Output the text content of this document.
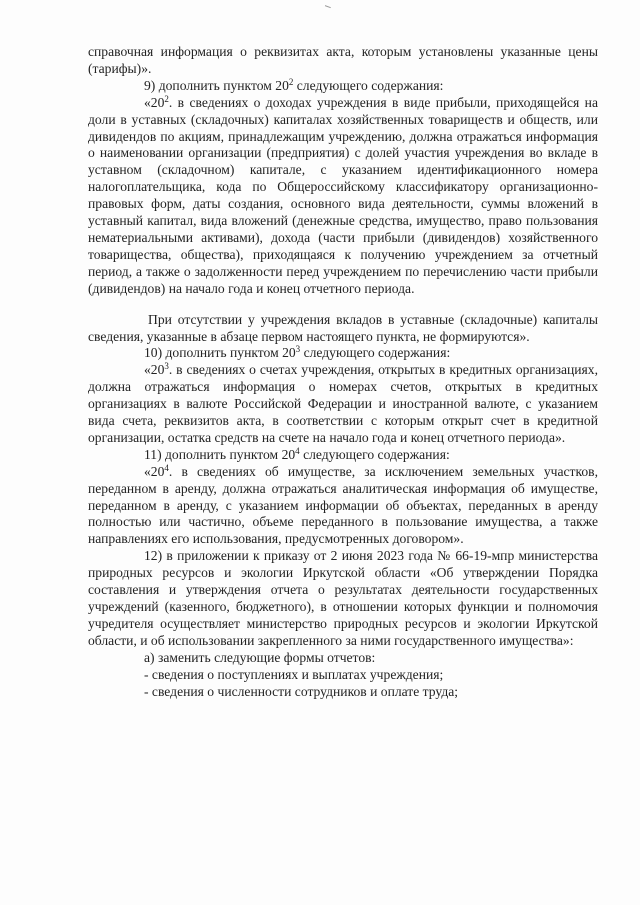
справочная информация о реквизитах акта, которым установлены указанные цены (тарифы)».

9) дополнить пунктом $20^2$ следующего содержания:

«$20^2$. в сведениях о доходах учреждения в виде прибыли, приходящейся на доли в уставных (складочных) капиталах хозяйственных товариществ и обществ, или дивидендов по акциям, принадлежащим учреждению, должна отражаться информация о наименовании организации (предприятия) с долей участия учреждения во вкладе в уставном (складочном) капитале, с указанием идентификационного номера налогоплательщика, кода по Общероссийскому классификатору организационно-правовых форм, даты создания, основного вида деятельности, суммы вложений в уставный капитал, вида вложений (денежные средства, имущество, право пользования нематериальными активами), дохода (части прибыли (дивидендов) хозяйственного товарищества, общества), приходящаяся к получению учреждением за отчетный период, а также о задолженности перед учреждением по перечислению части прибыли (дивидендов) на начало года и конец отчетного периода.

При отсутствии у учреждения вкладов в уставные (складочные) капиталы сведения, указанные в абзаце первом настоящего пункта, не формируются».

10) дополнить пунктом $20^3$ следующего содержания:

«$20^3$. в сведениях о счетах учреждения, открытых в кредитных организациях, должна отражаться информация о номерах счетов, открытых в кредитных организациях в валюте Российской Федерации и иностранной валюте, с указанием вида счета, реквизитов акта, в соответствии с которым открыт счет в кредитной организации, остатка средств на счете на начало года и конец отчетного периода».

11) дополнить пунктом $20^4$ следующего содержания:

«$20^4$. в сведениях об имуществе, за исключением земельных участков, переданном в аренду, должна отражаться аналитическая информация об имуществе, переданном в аренду, с указанием информации об объектах, переданных в аренду полностью или частично, объеме переданного в пользование имущества, а также направлениях его использования, предусмотренных договором».

12) в приложении к приказу от 2 июня 2023 года № 66-19-мпр министерства природных ресурсов и экологии Иркутской области «Об утверждении Порядка составления и утверждения отчета о результатах деятельности государственных учреждений (казенного, бюджетного), в отношении которых функции и полномочия учредителя осуществляет министерство природных ресурсов и экологии Иркутской области, и об использовании закрепленного за ними государственного имущества»:

а) заменить следующие формы отчетов:

- сведения о поступлениях и выплатах учреждения;

- сведения о численности сотрудников и оплате труда;
